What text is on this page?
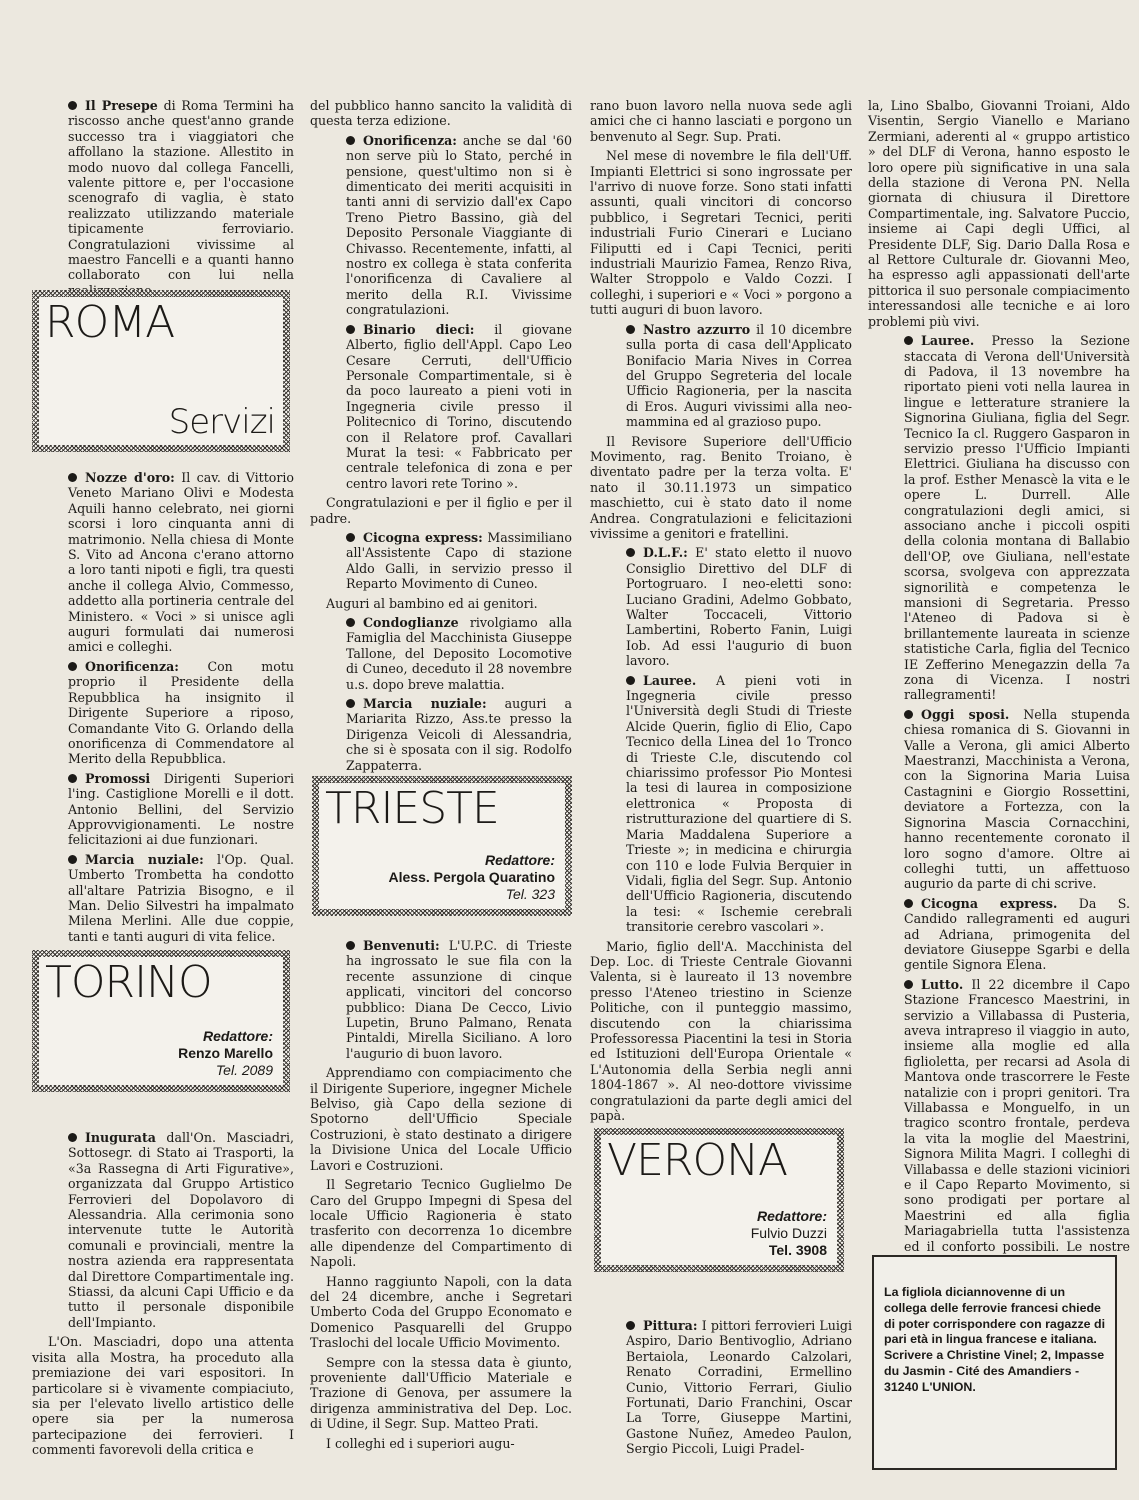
Il Presepe di Roma Termini ha riscosso anche quest'anno grande successo tra i viaggiatori che affollano la stazione. Allestito in modo nuovo dal collega Fancelli, valente pittore e, per l'occasione scenografo di vaglia, è stato realizzato utilizzando materiale tipicamente ferroviario. Congratulazioni vivissime al maestro Fancelli e a quanti hanno collaborato con lui nella

ROMA
Servizi

Nozze d'oro: Il cav. di Vittorio Veneto Mariano Olivi e Modesta Aquili hanno celebrato, nei giorni scorsi i loro cinquanta anni di matrimonio. Nella chiesa di Monte S. Vito ad Ancona c'erano attorno a loro tanti nipoti e figli, tra questi anche il collega Alvio, Commesso, addetto alla portineria centrale del Ministero. « Voci » si unisce agli auguri formulati dai numerosi amici e colleghi.

Onorificenza: Con motu proprio il Presidente della Repubblica ha insignito il Dirigente Superiore a riposo, Comandante Vito G. Orlando della onorificenza di Commendatore al Merito della Repubblica.

Promossi Dirigenti Superiori l'ing. Castiglione Morelli e il dott. Antonio Bellini, del Servizio Approvvigionamenti. Le nostre felicitazioni ai due funzionari.

Marcia nuziale: l'Op. Qual. Umberto Trombetta ha condotto all'altare Patrizia Bisogno, e il Man. Delio Silvestri ha impalmato Milena Merlini. Alle due coppie, tanti e tanti auguri di vita felice.

TORINO
Redattore:
Renzo Marello
Tel. 2089

Inugurata dall'On. Masciadri, Sottosegr. di Stato ai Trasporti, la «3a Rassegna di Arti Figurative», organizzata dal Gruppo Artistico Ferrovieri del Dopolavoro di Alessandria. Alla cerimonia sono intervenute tutte le Autorità comunali e provinciali, mentre la nostra azienda era rappresentata dal Direttore Compartimentale ing. Stiassi, da alcuni Capi Ufficio e da tutto il personale disponibile dell'Impianto.

L'On. Masciadri, dopo una attenta visita alla Mostra, ha proceduto alla premiazione dei vari espositori. In particolare si è vivamente compiaciuto, sia per l'elevato livello artistico delle opere sia per la numerosa partecipazione dei ferrovieri. I commenti favorevoli della critica e

del pubblico hanno sancito la validità di questa terza edizione.

Onorificenza: anche se dal '60 non serve più lo Stato, perché in pensione, quest'ultimo non si è dimenticato dei meriti acquisiti in tanti anni di servizio dall'ex Capo Treno Pietro Bassino, già del Deposito Personale Viaggiante di Chivasso. Recentemente, infatti, al nostro ex collega è stata conferita l'onorificenza di Cavaliere al merito della R.I. Vivissime congratulazioni.

Binario dieci: il giovane Alberto, figlio dell'Appl. Capo Leo Cesare Cerruti, dell'Ufficio Personale Compartimentale, si è da poco laureato a pieni voti in Ingegneria civile presso il Politecnico di Torino, discutendo con il Relatore prof. Cavallari Murat la tesi: « Fabbricato per centrale telefonica di zona e per centro lavori rete Torino ».

Congratulazioni e per il figlio e per il padre.

Cicogna express: Massimiliano all'Assistente Capo di stazione Aldo Galli, in servizio presso il Reparto Movimento di Cuneo.

Auguri al bambino ed ai genitori.

Condoglianze rivolgiamo alla Famiglia del Macchinista Giuseppe Tallone, del Deposito Locomotive di Cuneo, deceduto il 28 novembre u.s. dopo breve malattia.

Marcia nuziale: auguri a Mariarita Rizzo, Ass.te presso la Dirigenza Veicoli di Alessandria, che si è sposata con il sig. Rodolfo Zappaterra.

TRIESTE
Redattore:
Aless. Pergola Quaratino
Tel. 323

Benvenuti: L'U.P.C. di Trieste ha ingrossato le sue fila con la recente assunzione di cinque applicati, vincitori del concorso pubblico: Diana De Cecco, Livio Lupetin, Bruno Palmano, Renata Pintaldi, Mirella Siciliano. A loro l'augurio di buon lavoro.

Apprendiamo con compiacimento che il Dirigente Superiore, ingegner Michele Belviso, già Capo della sezione di Spotorno dell'Ufficio Speciale Costruzioni, è stato destinato a dirigere la Divisione Unica del Locale Ufficio Lavori e Costruzioni.

Il Segretario Tecnico Guglielmo De Caro del Gruppo Impegni di Spesa del locale Ufficio Ragioneria è stato trasferito con decorrenza 1o dicembre alle dipendenze del Compartimento di Napoli.

Hanno raggiunto Napoli, con la data del 24 dicembre, anche i Segretari Umberto Coda del Gruppo Economato e Domenico Pasquarelli del Gruppo Traslochi del locale Ufficio Movimento.

Sempre con la stessa data è giunto, proveniente dall'Ufficio Materiale e Trazione di Genova, per assumere la dirigenza amministrativa del Dep. Loc. di Udine, il Segr. Sup. Matteo Prati.

I colleghi ed i superiori augu-

rano buon lavoro nella nuova sede agli amici che ci hanno lasciati e porgono un benvenuto al Segr. Sup. Prati.

Nel mese di novembre le fila dell'Uff. Impianti Elettrici si sono ingrossate per l'arrivo di nuove forze. Sono stati infatti assunti, quali vincitori di concorso pubblico, i Segretari Tecnici, periti industriali Furio Cinerari e Luciano Filiputti ed i Capi Tecnici, periti industriali Maurizio Famea, Renzo Riva, Walter Stroppolo e Valdo Cozzi. I colleghi, i superiori e « Voci » porgono a tutti auguri di buon lavoro.

Nastro azzurro il 10 dicembre sulla porta di casa dell'Applicato Bonifacio Maria Nives in Correa del Gruppo Segreteria del locale Ufficio Ragioneria, per la nascita di Eros. Auguri vivissimi alla neo-mammina ed al grazioso pupo.

Il Revisore Superiore dell'Ufficio Movimento, rag. Benito Troiano, è diventato padre per la terza volta. E' nato il 30.11.1973 un simpatico maschietto, cui è stato dato il nome Andrea. Congratulazioni e felicitazioni vivissime a genitori e fratellini.

D.L.F.: E' stato eletto il nuovo Consiglio Direttivo del DLF di Portogruaro. I neo-eletti sono: Luciano Gradini, Adelmo Gobbato, Walter Toccaceli, Vittorio Lambertini, Roberto Fanin, Luigi Iob. Ad essi l'augurio di buon lavoro.

Lauree. A pieni voti in Ingegneria civile presso l'Università degli Studi di Trieste Alcide Querin, figlio di Elio, Capo Tecnico della Linea del 1o Tronco di Trieste C.le, discutendo col chiarissimo professor Pio Montesi la tesi di laurea in composizione elettronica « Proposta di ristrutturazione del quartiere di S. Maria Maddalena Superiore a Trieste »; in medicina e chirurgia con 110 e lode Fulvia Berquier in Vidali, figlia del Segr. Sup. Antonio dell'Ufficio Ragioneria, discutendo la tesi: « Ischemie cerebrali transitorie cerebro vascolari ».

Mario, figlio dell'A. Macchinista del Dep. Loc. di Trieste Centrale Giovanni Valenta, si è laureato il 13 novembre presso l'Ateneo triestino in Scienze Politiche, con il punteggio massimo, discutendo con la chiarissima Professoressa Piacentini la tesi in Storia ed Istituzioni dell'Europa Orientale « L'Autonomia della Serbia negli anni 1804-1867 ». Al neo-dottore vivissime congratulazioni da parte degli amici del papà.

VERONA
Redattore:
Fulvio Duzzi
Tel. 3908

Pittura: I pittori ferrovieri Luigi Aspiro, Dario Bentivoglio, Adriano Bertaiola, Leonardo Calzolari, Renato Corradini, Ermellino Cunio, Vittorio Ferrari, Giulio Fortunati, Dario Franchini, Oscar La Torre, Giuseppe Martini, Gastone Nuñez, Amedeo Paulon, Sergio Piccoli, Luigi Pradel-

la, Lino Sbalbo, Giovanni Troiani, Aldo Visentin, Sergio Vianello e Mariano Zermiani, aderenti al « gruppo artistico » del DLF di Verona, hanno esposto le loro opere più significative in una sala della stazione di Verona PN. Nella giornata di chiusura il Direttore Compartimentale, ing. Salvatore Puccio, insieme ai Capi degli Uffici, al Presidente DLF, Sig. Dario Dalla Rosa e al Rettore Culturale dr. Giovanni Meo, ha espresso agli appassionati dell'arte pittorica il suo personale compiacimento interessandosi alle tecniche e ai loro problemi più vivi.

Lauree. Presso la Sezione staccata di Verona dell'Università di Padova, il 13 novembre ha riportato pieni voti nella laurea in lingue e letterature straniere la Signorina Giuliana, figlia del Segr. Tecnico Ia cl. Ruggero Gasparon in servizio presso l'Ufficio Impianti Elettrici. Giuliana ha discusso con la prof. Esther Menascè la vita e le opere L. Durrell. Alle congratulazioni degli amici, si associano anche i piccoli ospiti della colonia montana di Ballabio dell'OP, ove Giuliana, nell'estate scorsa, svolgeva con apprezzata signorilità e competenza le mansioni di Segretaria. Presso l'Ateneo di Padova si è brillantemente laureata in scienze statistiche Carla, figlia del Tecnico IE Zefferino Menegazzin della 7a zona di Vicenza. I nostri rallegramenti!

Oggi sposi. Nella stupenda chiesa romanica di S. Giovanni in Valle a Verona, gli amici Alberto Maestranzi, Macchinista a Verona, con la Signorina Maria Luisa Castagnini e Giorgio Rossettini, deviatore a Fortezza, con la Signorina Mascia Cornacchini, hanno recentemente coronato il loro sogno d'amore. Oltre ai colleghi tutti, un affettuoso augurio da parte di chi scrive.

Cicogna express. Da S. Candido rallegramenti ed auguri ad Adriana, primogenita del deviatore Giuseppe Sgarbi e della gentile Signora Elena.

Lutto. Il 22 dicembre il Capo Stazione Francesco Maestrini, in servizio a Villabassa di Pusteria, aveva intrapreso il viaggio in auto, insieme alla moglie ed alla figlioletta, per recarsi ad Asola di Mantova onde trascorrere le Feste natalizie con i propri genitori. Tra Villabassa e Monguelfo, in un tragico scontro frontale, perdeva la vita la moglie del Maestrini, Signora Milita Magri. I colleghi di Villabassa e delle stazioni viciniori e il Capo Reparto Movimento, si sono prodigati per portare al Maestrini ed alla figlia Mariagabriella tutta l'assistenza ed il conforto possibili. Le nostre

La figliola diciannovenne di un collega delle ferrovie francesi chiede di poter corrispondere con ragazze di pari età in lingua francese e italiana. Scrivere a Christine Vinel; 2, Impasse du Jasmin - Cité des Amandiers - 31240 L'UNION.
